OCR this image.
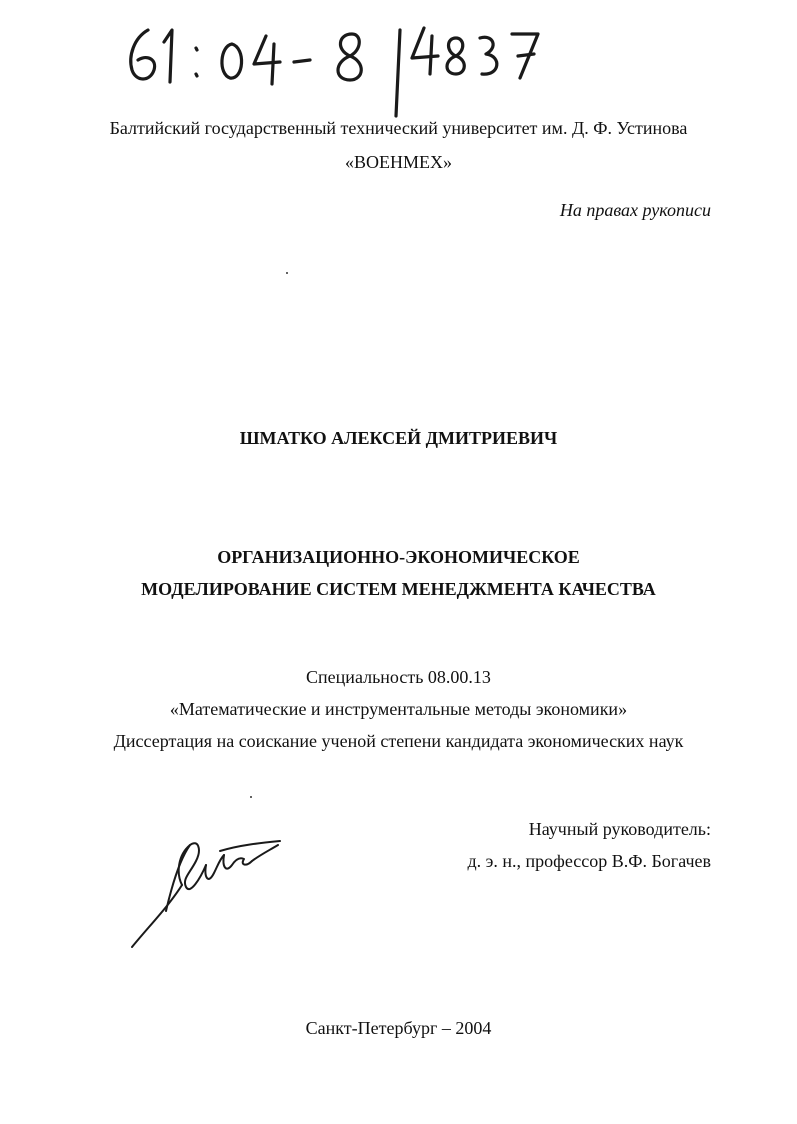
Балтийский государственный технический университет им. Д. Ф. Устинова
«ВОЕНМЕХ»
На правах рукописи
ШМАТКО АЛЕКСЕЙ ДМИТРИЕВИЧ
ОРГАНИЗАЦИОННО-ЭКОНОМИЧЕСКОЕ
МОДЕЛИРОВАНИЕ СИСТЕМ МЕНЕДЖМЕНТА КАЧЕСТВА
Специальность 08.00.13
«Математические и инструментальные методы экономики»
Диссертация на соискание ученой степени кандидата экономических наук
Научный руководитель:
д. э. н., профессор В.Ф. Богачев
Санкт-Петербург – 2004
